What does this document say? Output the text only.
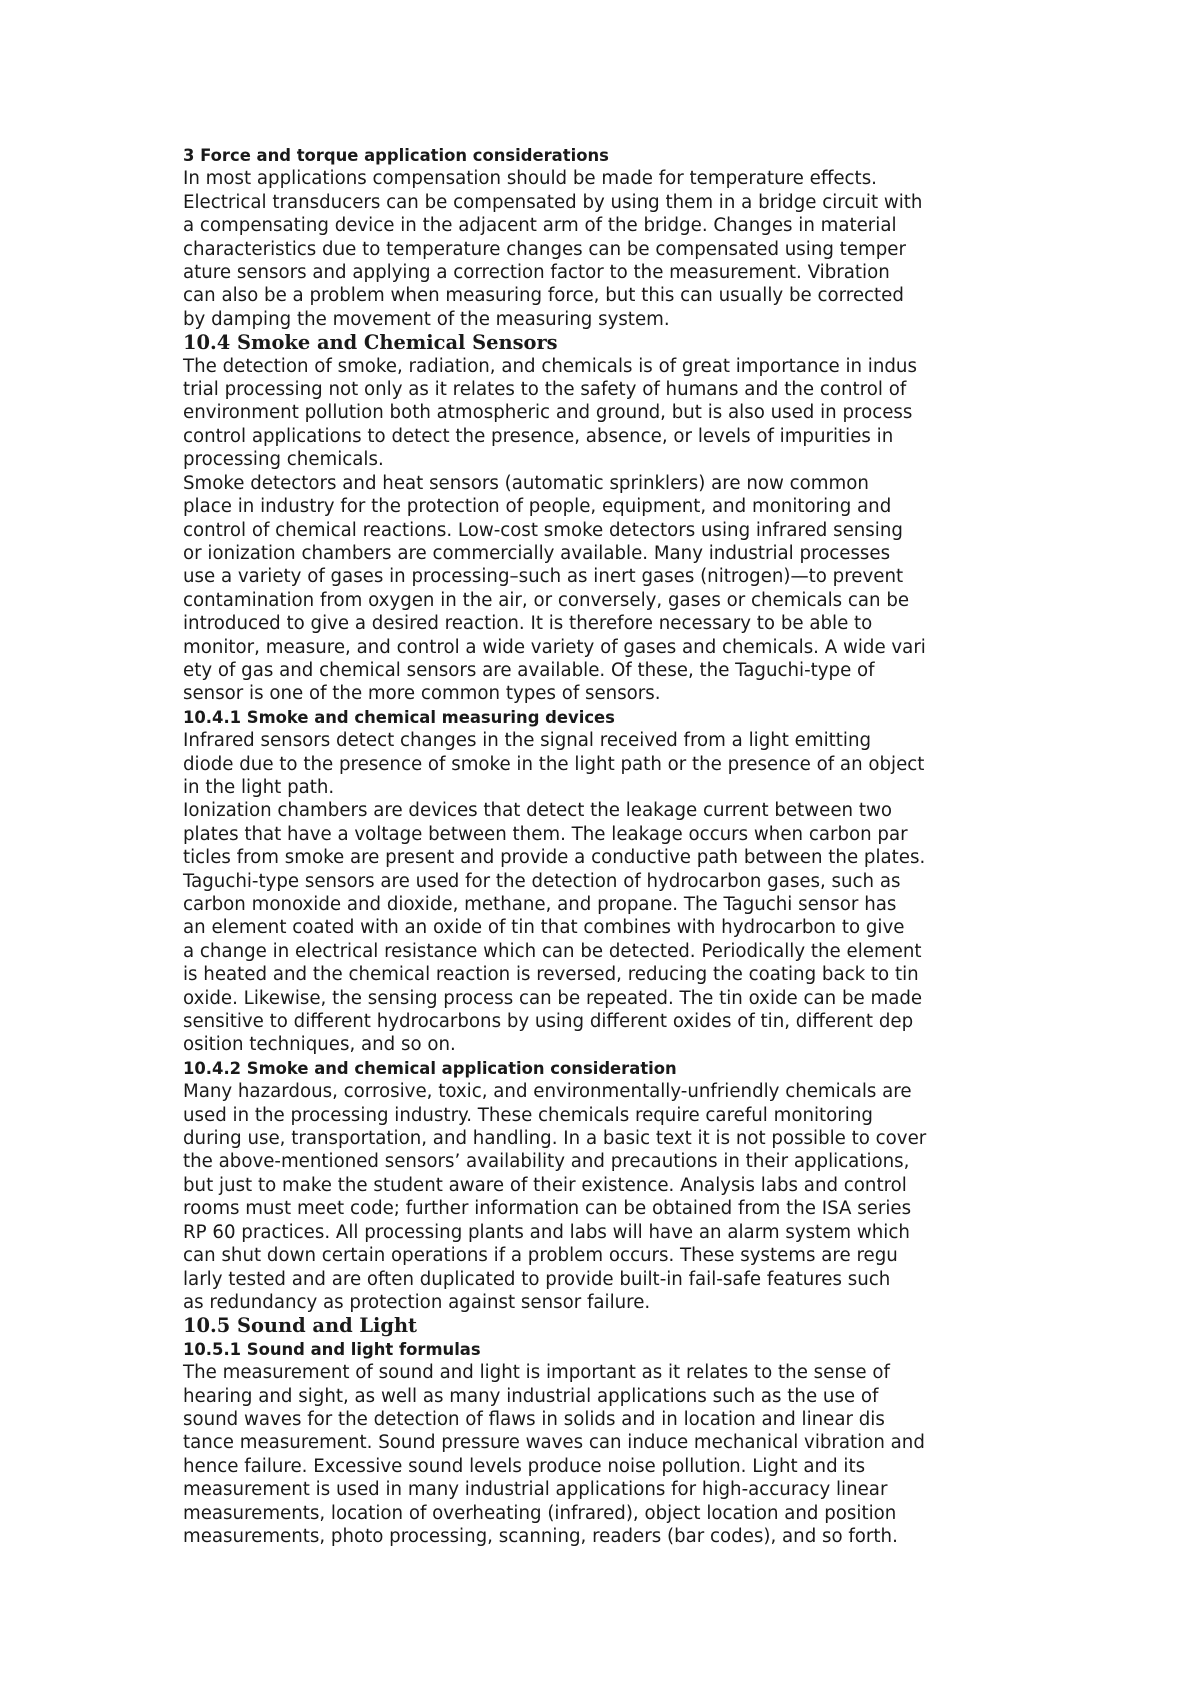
3 Force and torque application considerations
In most applications compensation should be made for temperature effects.
Electrical transducers can be compensated by using them in a bridge circuit with
a compensating device in the adjacent arm of the bridge. Changes in material
characteristics due to temperature changes can be compensated using temper
ature sensors and applying a correction factor to the measurement. Vibration
can also be a problem when measuring force, but this can usually be corrected
by damping the movement of the measuring system.
10.4 Smoke and Chemical Sensors
The detection of smoke, radiation, and chemicals is of great importance in indus
trial processing not only as it relates to the safety of humans and the control of
environment pollution both atmospheric and ground, but is also used in process
control applications to detect the presence, absence, or levels of impurities in
processing chemicals.
Smoke detectors and heat sensors (automatic sprinklers) are now common
place in industry for the protection of people, equipment, and monitoring and
control of chemical reactions. Low-cost smoke detectors using infrared sensing
or ionization chambers are commercially available. Many industrial processes
use a variety of gases in processing–such as inert gases (nitrogen)—to prevent
contamination from oxygen in the air, or conversely, gases or chemicals can be
introduced to give a desired reaction. It is therefore necessary to be able to
monitor, measure, and control a wide variety of gases and chemicals. A wide vari
ety of gas and chemical sensors are available. Of these, the Taguchi-type of
sensor is one of the more common types of sensors.
10.4.1 Smoke and chemical measuring devices
Infrared sensors detect changes in the signal received from a light emitting
diode due to the presence of smoke in the light path or the presence of an object
in the light path.
Ionization chambers are devices that detect the leakage current between two
plates that have a voltage between them. The leakage occurs when carbon par
ticles from smoke are present and provide a conductive path between the plates.
Taguchi-type sensors are used for the detection of hydrocarbon gases, such as
carbon monoxide and dioxide, methane, and propane. The Taguchi sensor has
an element coated with an oxide of tin that combines with hydrocarbon to give
a change in electrical resistance which can be detected. Periodically the element
is heated and the chemical reaction is reversed, reducing the coating back to tin
oxide. Likewise, the sensing process can be repeated. The tin oxide can be made
sensitive to different hydrocarbons by using different oxides of tin, different dep
osition techniques, and so on.
10.4.2 Smoke and chemical application consideration
Many hazardous, corrosive, toxic, and environmentally-unfriendly chemicals are
used in the processing industry. These chemicals require careful monitoring
during use, transportation, and handling. In a basic text it is not possible to cover
the above-mentioned sensors’ availability and precautions in their applications,
but just to make the student aware of their existence. Analysis labs and control
rooms must meet code; further information can be obtained from the ISA series
RP 60 practices. All processing plants and labs will have an alarm system which
can shut down certain operations if a problem occurs. These systems are regu
larly tested and are often duplicated to provide built-in fail-safe features such
as redundancy as protection against sensor failure.
10.5 Sound and Light
10.5.1 Sound and light formulas
The measurement of sound and light is important as it relates to the sense of
hearing and sight, as well as many industrial applications such as the use of
sound waves for the detection of flaws in solids and in location and linear dis
tance measurement. Sound pressure waves can induce mechanical vibration and
hence failure. Excessive sound levels produce noise pollution. Light and its
measurement is used in many industrial applications for high-accuracy linear
measurements, location of overheating (infrared), object location and position
measurements, photo processing, scanning, readers (bar codes), and so forth.
